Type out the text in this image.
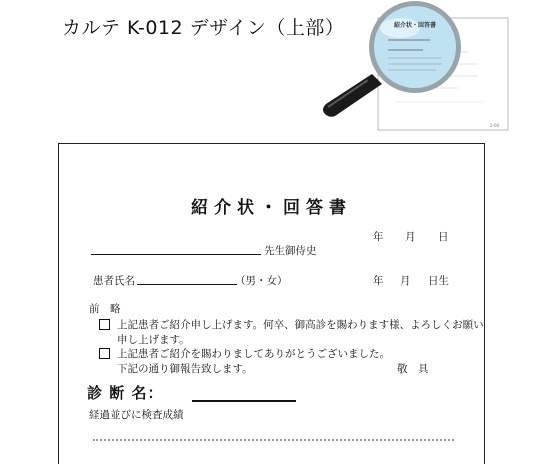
カルテ K-012 デザイン（上部）
2-00
紹介状・回答書
紹介状・回答書
年 月 日
先生御侍史
患者氏名	（男・女）	年 月 日生
前　略
上記患者ご紹介申し上げます。何卒、御高診を賜わります様、よろしくお願い
申し上げます。
上記患者ご紹介を賜わりましてありがとうございました。
下記の通り御報告致します。	敬　具
診 断 名：
経過並びに検査成績
